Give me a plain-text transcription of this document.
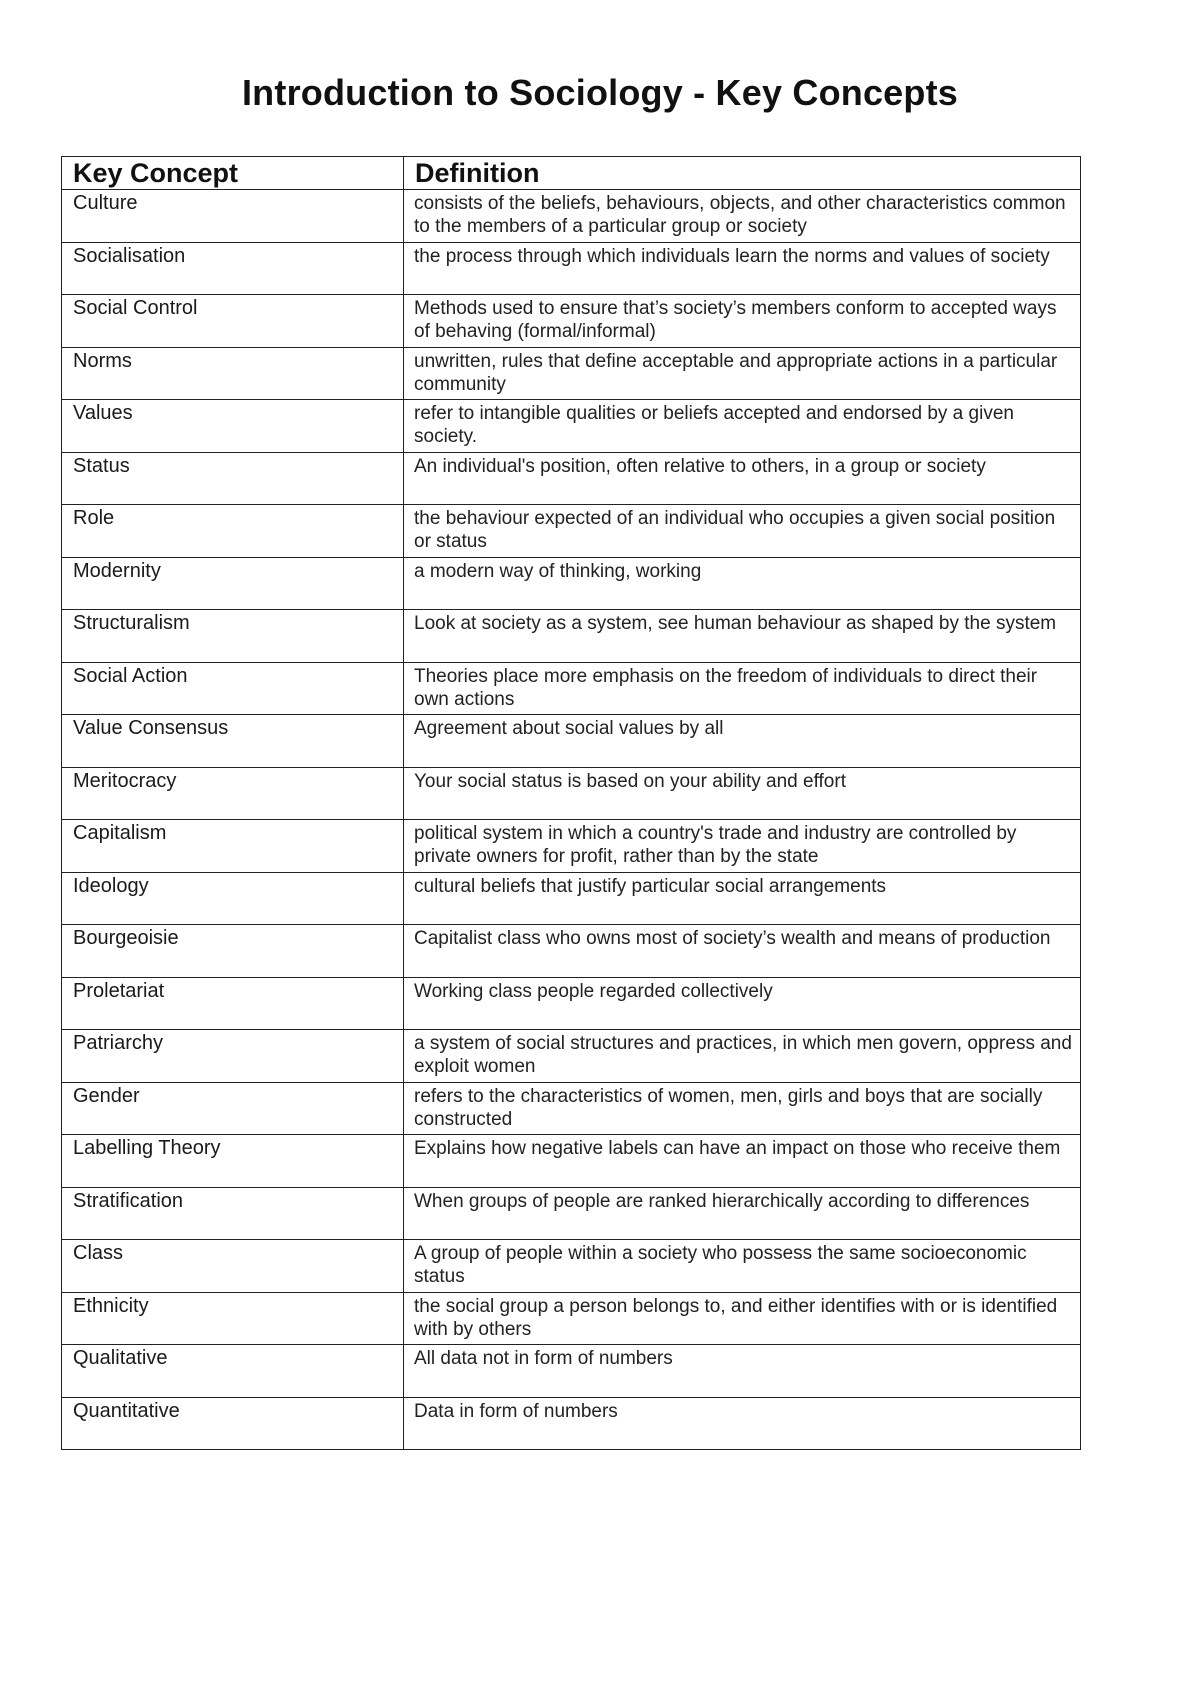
Introduction to Sociology - Key Concepts
Key Concept	Definition
Culture	consists of the beliefs, behaviours, objects, and other characteristics common to the members of a particular group or society
Socialisation	the process through which individuals learn the norms and values of society
Social Control	Methods used to ensure that’s society’s members conform to accepted ways of behaving (formal/informal)
Norms	unwritten, rules that define acceptable and appropriate actions in a particular community
Values	refer to intangible qualities or beliefs accepted and endorsed by a given society.
Status	An individual's position, often relative to others, in a group or society
Role	the behaviour expected of an individual who occupies a given social position or status
Modernity	a modern way of thinking, working
Structuralism	Look at society as a system, see human behaviour as shaped by the system
Social Action	Theories place more emphasis on the freedom of individuals to direct their own actions
Value Consensus	Agreement about social values by all
Meritocracy	Your social status is based on your ability and effort
Capitalism	political system in which a country's trade and industry are controlled by private owners for profit, rather than by the state
Ideology	cultural beliefs that justify particular social arrangements
Bourgeoisie	Capitalist class who owns most of society’s wealth and means of production
Proletariat	Working class people regarded collectively
Patriarchy	a system of social structures and practices, in which men govern, oppress and exploit women
Gender	refers to the characteristics of women, men, girls and boys that are socially constructed
Labelling Theory	Explains how negative labels can have an impact on those who receive them
Stratification	When groups of people are ranked hierarchically according to differences
Class	A group of people within a society who possess the same socioeconomic status
Ethnicity	the social group a person belongs to, and either identifies with or is identified with by others
Qualitative	All data not in form of numbers
Quantitative	Data in form of numbers
